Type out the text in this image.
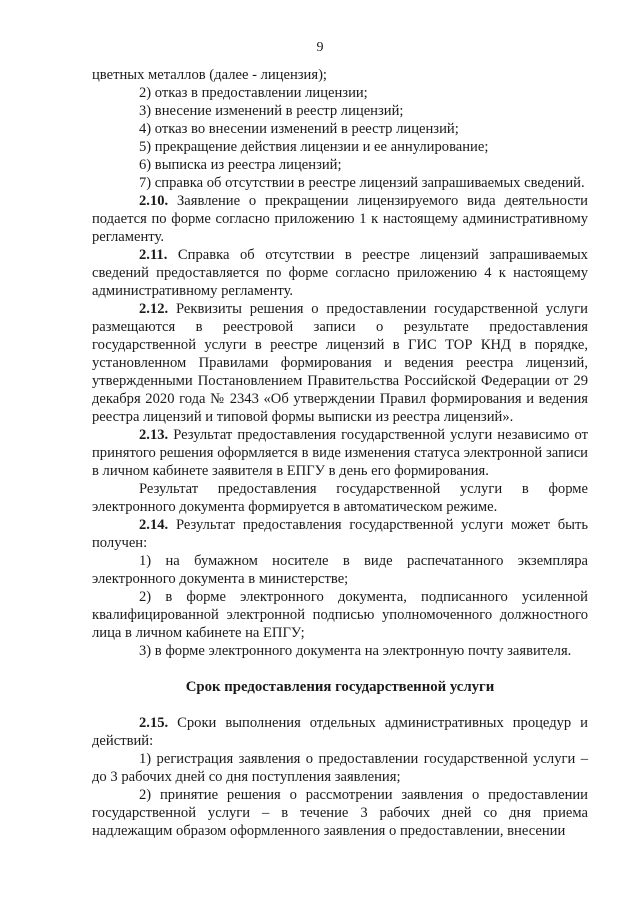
9

цветных металлов (далее - лицензия);

2) отказ в предоставлении лицензии;

3) внесение изменений в реестр лицензий;

4) отказ во внесении изменений в реестр лицензий;

5) прекращение действия лицензии и ее аннулирование;

6) выписка из реестра лицензий;

7) справка об отсутствии в реестре лицензий запрашиваемых сведений.

2.10. Заявление о прекращении лицензируемого вида деятельности подается по форме согласно приложению 1 к настоящему административному регламенту.

2.11. Справка об отсутствии в реестре лицензий запрашиваемых сведений предоставляется по форме согласно приложению 4 к настоящему административному регламенту.

2.12. Реквизиты решения о предоставлении государственной услуги размещаются в реестровой записи о результате предоставления государственной услуги в реестре лицензий в ГИС ТОР КНД в порядке, установленном Правилами формирования и ведения реестра лицензий, утвержденными Постановлением Правительства Российской Федерации от 29 декабря 2020 года № 2343 «Об утверждении Правил формирования и ведения реестра лицензий и типовой формы выписки из реестра лицензий».

2.13. Результат предоставления государственной услуги независимо от принятого решения оформляется в виде изменения статуса электронной записи в личном кабинете заявителя в ЕПГУ в день его формирования.

Результат предоставления государственной услуги в форме электронного документа формируется в автоматическом режиме.

2.14. Результат предоставления государственной услуги может быть получен:

1) на бумажном носителе в виде распечатанного экземпляра электронного документа в министерстве;

2) в форме электронного документа, подписанного усиленной квалифицированной электронной подписью уполномоченного должностного лица в личном кабинете на ЕПГУ;

3) в форме электронного документа на электронную почту заявителя.

Срок предоставления государственной услуги

2.15. Сроки выполнения отдельных административных процедур и действий:

1) регистрация заявления о предоставлении государственной услуги – до 3 рабочих дней со дня поступления заявления;

2) принятие решения о рассмотрении заявления о предоставлении государственной услуги – в течение 3 рабочих дней со дня приема надлежащим образом оформленного заявления о предоставлении, внесении
